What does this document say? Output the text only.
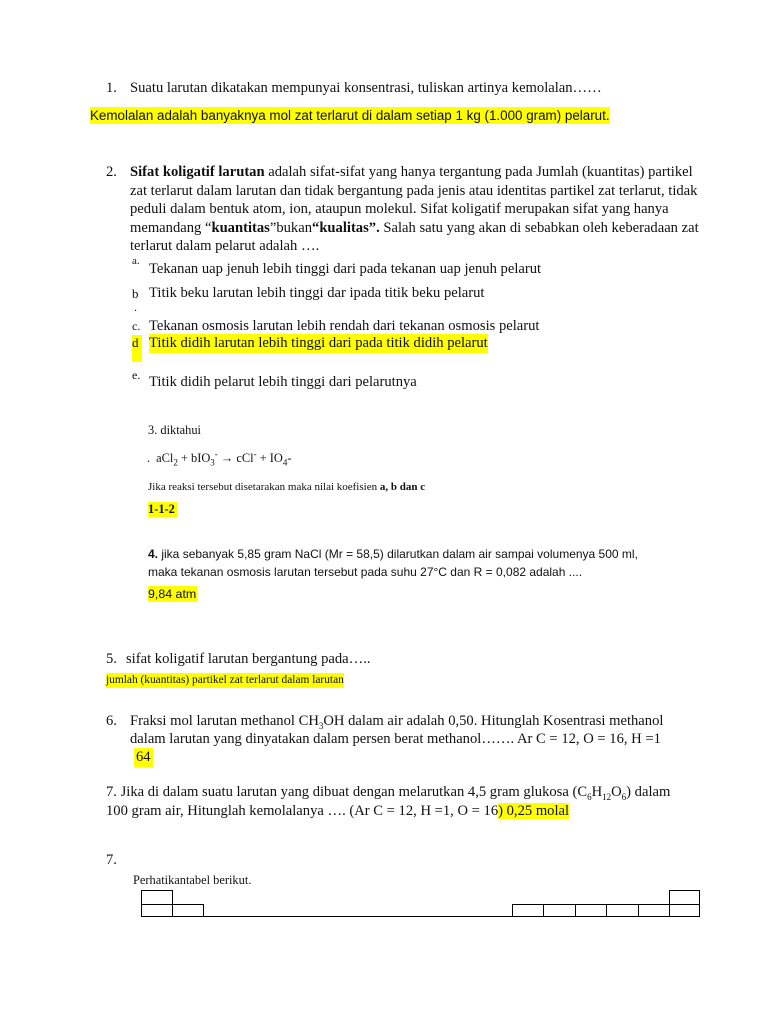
1. Suatu larutan dikatakan mempunyai konsentrasi, tuliskan artinya kemolalan……
Kemolalan adalah banyaknya mol zat terlarut di dalam setiap 1 kg (1.000 gram) pelarut.
2. Sifat koligatif larutan adalah sifat-sifat yang hanya tergantung pada Jumlah (kuantitas) partikel zat terlarut dalam larutan dan tidak bergantung pada jenis atau identitas partikel zat terlarut, tidak peduli dalam bentuk atom, ion, ataupun molekul. Sifat koligatif merupakan sifat yang hanya memandang “kuantitas”bukan“kualitas”. Salah satu yang akan di sebabkan oleh keberadaan zat terlarut dalam pelarut adalah ….

a. Tekanan uap jenuh lebih tinggi dari pada tekanan uap jenuh pelarut
b Titik beku larutan lebih tinggi dar ipada titik beku pelarut
.
c. Tekanan osmosis larutan lebih rendah dari tekanan osmosis pelarut
d Titik didih larutan lebih tinggi dari pada titik didih pelarut
e. Titik didih pelarut lebih tinggi dari pelarutnya
3. diktahui
. $aCl_2 + bIO_3^- \to cCl^- + IO_4-$
Jika reaksi tersebut disetarakan maka nilai koefisien a, b dan c
1-1-2

4. jika sebanyak 5,85 gram NaCl (Mr = 58,5) dilarutkan dalam air sampai volumenya 500 ml, maka tekanan osmosis larutan tersebut pada suhu 27°C dan R = 0,082 adalah ....

9,84 atm
5. sifat koligatif larutan bergantung pada…..
jumlah (kuantitas) partikel zat terlarut dalam larutan
6. Fraksi mol larutan methanol $CH_3OH$ dalam air adalah 0,50. Hitunglah Kosentrasi methanol
dalam larutan yang dinyatakan dalam persen berat methanol……. Ar C = 12, O = 16, H =1
64
7. Jika di dalam suatu larutan yang dibuat dengan melarutkan 4,5 gram glukosa $(C_6H_{12}O_6)$ dalam
100 gram air, Hitunglah kemolalanya …. (Ar C = 12, H =1, O = 16) 0,25 molal
7.
Perhatikantabel berikut.
